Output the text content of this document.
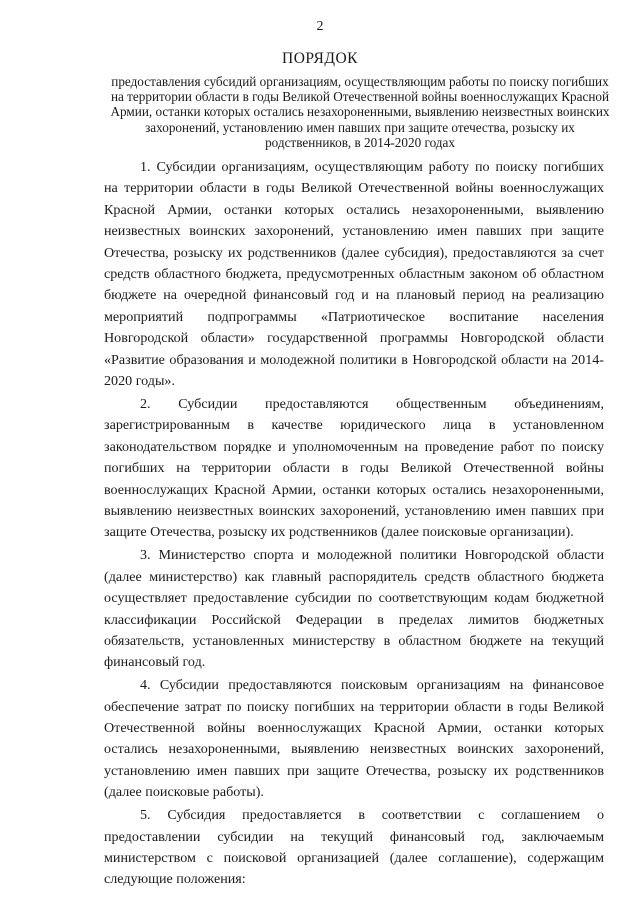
2
ПОРЯДОК
предоставления субсидий организациям, осуществляющим работы по поиску погибших на территории области в годы Великой Отечественной войны военнослужащих Красной Армии, останки которых остались незахороненными, выявлению неизвестных воинских захоронений, установлению имен павших при защите отечества, розыску их родственников, в 2014-2020 годах

1. Субсидии организациям, осуществляющим работу по поиску погибших на территории области в годы Великой Отечественной войны военнослужащих Красной Армии, останки которых остались незахороненными, выявлению неизвестных воинских захоронений, установлению имен павших при защите Отечества, розыску их родственников (далее субсидия), предоставляются за счет средств областного бюджета, предусмотренных областным законом об областном бюджете на очередной финансовый год и на плановый период на реализацию мероприятий подпрограммы «Патриотическое воспитание населения Новгородской области» государственной программы Новгородской области «Развитие образования и молодежной политики в Новгородской области на 2014-2020 годы».

2. Субсидии предоставляются общественным объединениям, зарегистрированным в качестве юридического лица в установленном законодательством порядке и уполномоченным на проведение работ по поиску погибших на территории области в годы Великой Отечественной войны военнослужащих Красной Армии, останки которых остались незахороненными, выявлению неизвестных воинских захоронений, установлению имен павших при защите Отечества, розыску их родственников (далее поисковые организации).

3. Министерство спорта и молодежной политики Новгородской области (далее министерство) как главный распорядитель средств областного бюджета осуществляет предоставление субсидии по соответствующим кодам бюджетной классификации Российской Федерации в пределах лимитов бюджетных обязательств, установленных министерству в областном бюджете на текущий финансовый год.

4. Субсидии предоставляются поисковым организациям на финансовое обеспечение затрат по поиску погибших на территории области в годы Великой Отечественной войны военнослужащих Красной Армии, останки которых остались незахороненными, выявлению неизвестных воинских захоронений, установлению имен павших при защите Отечества, розыску их родственников (далее поисковые работы).

5. Субсидия предоставляется в соответствии с соглашением о предоставлении субсидии на текущий финансовый год, заключаемым министерством с поисковой организацией (далее соглашение), содержащим следующие положения:
